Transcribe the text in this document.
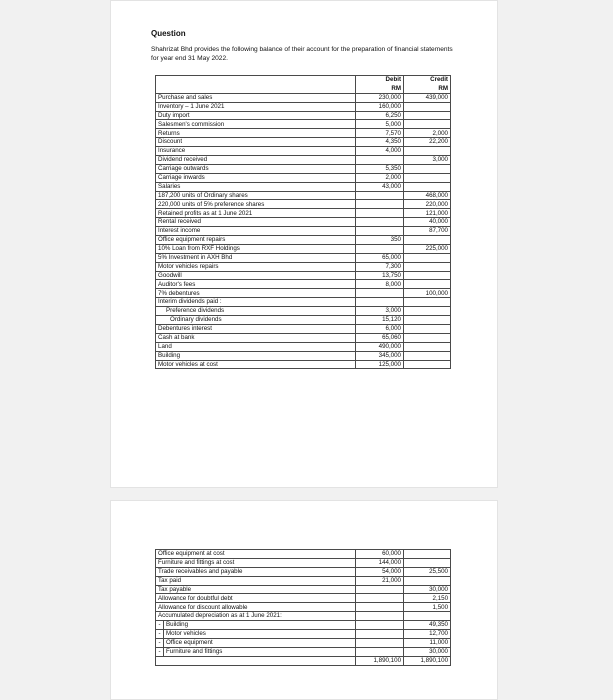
Question
Shahrizat Bhd provides the following balance of their account for the preparation of financial statements for year end 31 May 2022.
	Debit	Credit
	RM	RM
Purchase and sales	230,000	439,000
Inventory – 1 June 2021	160,000	
Duty import	6,250	
Salesmen's commission	5,000	
Returns	7,570	2,000
Discount	4,350	22,200
Insurance	4,000	
Dividend received		3,000
Carriage outwards	5,350	
Carriage inwards	2,000	
Salaries	43,000	
187,200 units of Ordinary shares		468,000
220,000 units of 5% preference shares		220,000
Retained profits as at 1 June 2021		121,000
Rental received		40,000
Interest income		87,700
Office equipment repairs	350	
10% Loan from RXF Holdings		225,000
5% Investment in AXH Bhd	65,000	
Motor vehicles repairs	7,300	
Goodwill	13,750	
Auditor's fees	8,000	
7% debentures		100,000
Interim dividends paid :		
Preference dividends	3,000	
Ordinary dividends	15,120	
Debentures interest	6,000	
Cash at bank	65,060	
Land	490,000	
Building	345,000	
Motor vehicles at cost	125,000	
Office equipment at cost		60,000	
Furniture and fittings at cost		144,000	
Trade receivables and payable		54,000	25,500
Tax paid		21,000	
Tax payable			30,000
Allowance for doubtful debt			2,150
Allowance for discount allowable			1,500
Accumulated depreciation as at 1 June 2021:			
-	Building		49,350
-	Motor vehicles		12,700
-	Office equipment		11,000
-	Furniture and fittings		30,000
		1,890,100	1,890,100
